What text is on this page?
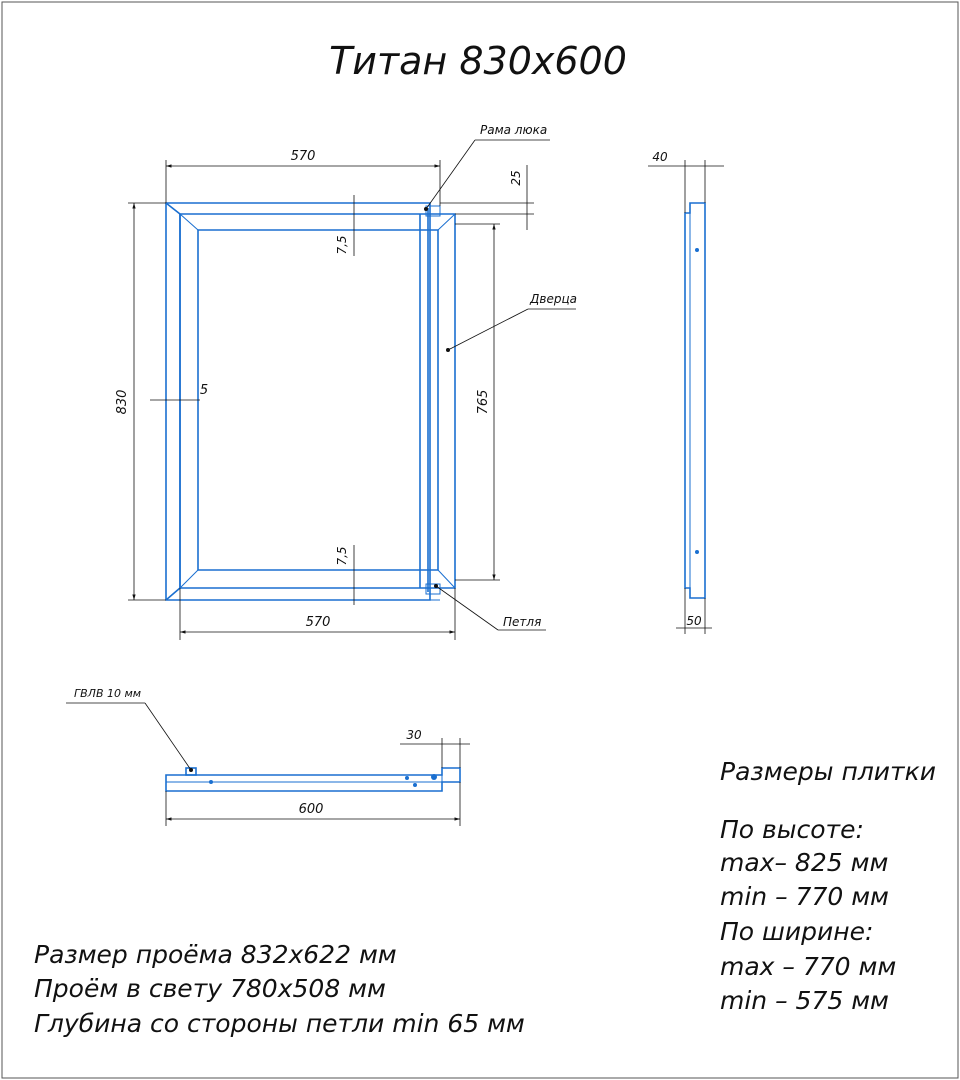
Титан 830х600
570
570
830	765
5
7,5
7,5
25
Рама люка
Дверца
Петля
40
50
ГВЛВ 10 мм
600
30
Размеры плитки
По высоте:
max– 825 мм
min – 770 мм
По ширине:
max – 770 мм
min – 575 мм
Размер проёма 832х622 мм
Проём в свету 780х508 мм
Глубина со стороны петли min 65 мм
